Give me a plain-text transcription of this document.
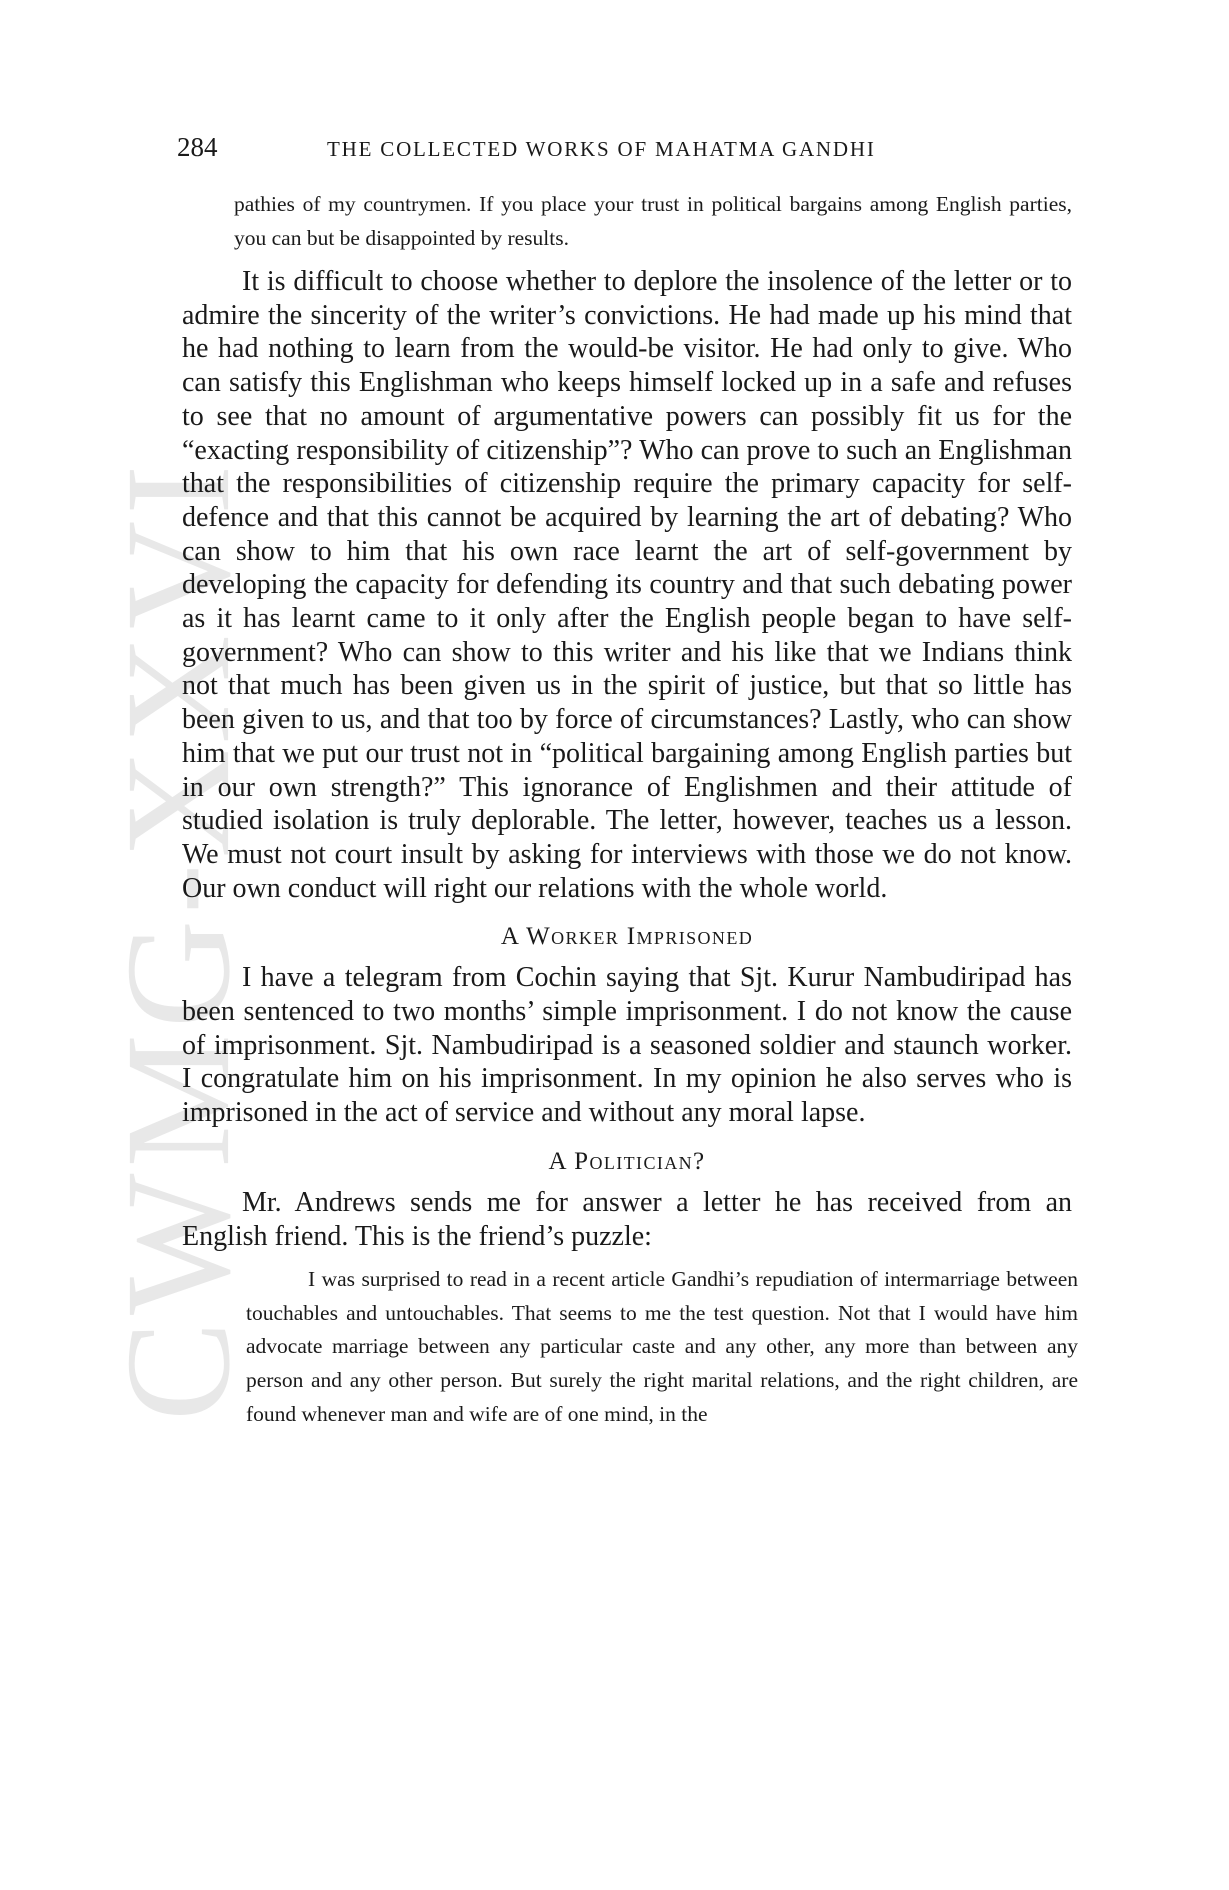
CWMG-XXVI
284	THE COLLECTED WORKS OF MAHATMA GANDHI

pathies of my countrymen. If you place your trust in political bargains among English parties, you can but be disappointed by results.

It is difficult to choose whether to deplore the insolence of the letter or to admire the sincerity of the writer’s convictions. He had made up his mind that he had nothing to learn from the would-be visitor. He had only to give. Who can satisfy this Englishman who keeps himself locked up in a safe and refuses to see that no amount of argumentative powers can possibly fit us for the “exacting responsibility of citizenship”? Who can prove to such an Englishman that the responsibilities of citizenship require the primary capacity for self-defence and that this cannot be acquired by learning the art of debating? Who can show to him that his own race learnt the art of self-government by developing the capacity for defending its country and that such debating power as it has learnt came to it only after the English people began to have self-government? Who can show to this writer and his like that we Indians think not that much has been given us in the spirit of justice, but that so little has been given to us, and that too by force of circumstances? Lastly, who can show him that we put our trust not in “political bargaining among English parties but in our own strength?” This ignorance of Englishmen and their attitude of studied isolation is truly deplorable. The letter, however, teaches us a lesson. We must not court insult by asking for interviews with those we do not know. Our own conduct will right our relations with the whole world.

A Worker Imprisoned

I have a telegram from Cochin saying that Sjt. Kurur Nambudiripad has been sentenced to two months’ simple imprisonment. I do not know the cause of imprisonment. Sjt. Nambudiripad is a seasoned soldier and staunch worker. I congratulate him on his imprisonment. In my opinion he also serves who is imprisoned in the act of service and without any moral lapse.

A Politician?

Mr. Andrews sends me for answer a letter he has received from an English friend. This is the friend’s puzzle:

I was surprised to read in a recent article Gandhi’s repudiation of intermarriage between touchables and untouchables. That seems to me the test question. Not that I would have him advocate marriage between any particular caste and any other, any more than between any person and any other person. But surely the right marital relations, and the right children, are found whenever man and wife are of one mind, in the
